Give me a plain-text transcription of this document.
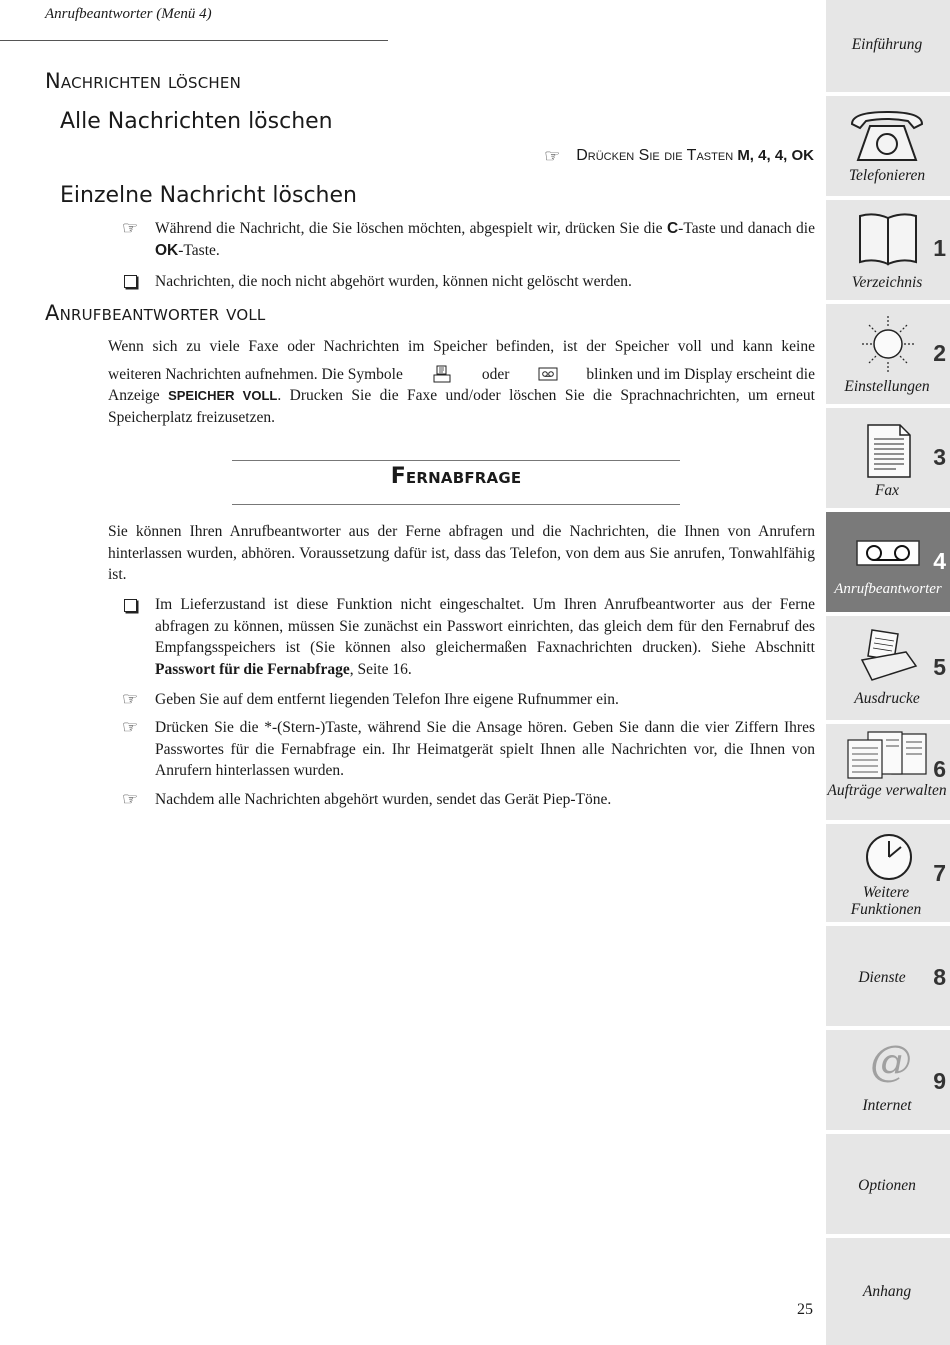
Anrufbeantworter (Menü 4)
Nachrichten löschen
Alle Nachrichten löschen
☞ Drücken Sie die Tasten M, 4, 4, OK
Einzelne Nachricht löschen
☞	Während die Nachricht, die Sie löschen möchten, abgespielt wir, drücken Sie die C-Taste und danach die OK-Taste.
Nachrichten, die noch nicht abgehört wurden, können nicht gelöscht werden.
Anrufbeantworter voll
Wenn sich zu viele Faxe oder Nachrichten im Speicher befinden, ist der Speicher voll und kann keine
weiteren Nachrichten aufnehmen. Die Symbole	oder	blinken und im Display erscheint die
Anzeige SPEICHER VOLL. Drucken Sie die Faxe und/oder löschen Sie die Sprachnachrichten, um erneut
Speicherplatz freizusetzen.
Fernabfrage
Sie können Ihren Anrufbeantworter aus der Ferne abfragen und die Nachrichten, die Ihnen von Anrufern hinterlassen wurden, abhören. Voraussetzung dafür ist, dass das Telefon, von dem aus Sie anrufen, Tonwahlfähig ist.
Im Lieferzustand ist diese Funktion nicht eingeschaltet. Um Ihren Anrufbeantworter aus der Ferne abfragen zu können, müssen Sie zunächst ein Passwort einrichten, das gleich dem für den Fernabruf des Empfangsspeichers ist (Sie können also gleichermaßen Faxnachrichten drucken). Siehe Abschnitt Passwort für die Fernabfrage, Seite 16.
☞	Geben Sie auf dem entfernt liegenden Telefon Ihre eigene Rufnummer ein.
☞	Drücken Sie die *-(Stern-)Taste, während Sie die Ansage hören. Geben Sie dann die vier Ziffern Ihres Passwortes für die Fernabfrage ein. Ihr Heimatgerät spielt Ihnen alle Nachrichten vor, die Ihnen von Anrufern hinterlassen wurden.
☞	Nachdem alle Nachrichten abgehört wurden, sendet das Gerät Piep-Töne.
25
Einführung
Telefonieren
Verzeichnis
1
Einstellungen
2
Fax
3
Anrufbeantworter
4
Ausdrucke
5
Aufträge verwalten
6
Weitere Funktionen
7
Dienste	8
@
Internet
9
Optionen
Anhang
